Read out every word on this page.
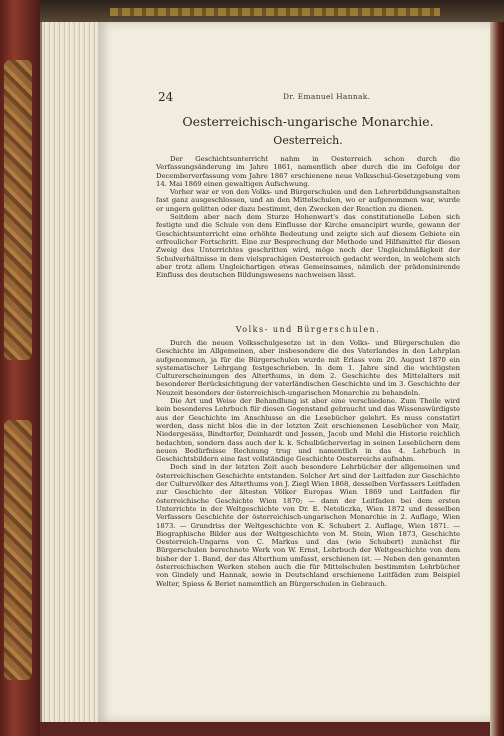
24	Dr. Emanuel Hannak.
Oesterreichisch-ungarische Monarchie.
Oesterreich.

Der Geschichtsunterricht nahm in Oesterreich schon durch die Verfassungsänderung im Jahre 1861, namentlich aber durch die im Gefolge der Decemberverfassung vom Jahre 1867 erschienene neue Volksschul-Gesetzgebung vom 14. Mai 1869 einen gewaltigen Aufschwung.

Vorher war er von den Volks- und Bürgerschulen und den Lehrerbildungsanstalten fast ganz ausgeschlossen, und an den Mittelschulen, wo er aufgenommen war, wurde er ungern gelitten oder dazu bestimmt, den Zwecken der Reaction zu dienen.

Seitdem aber nach dem Sturze Hohenwart's das constitutionelle Leben sich festigte und die Schule von dem Einflusse der Kirche emancipirt wurde, gewann der Geschichtsunterricht eine erhöhte Bedeutung und zeigte sich auf diesem Gebiete ein erfreulicher Fortschritt. Eine zur Besprechung der Methode und Hilfsmittel für diesen Zweig des Unterrichtes geschritten wird, möge noch der Ungleichmäßigkeit der Schulverhältnisse in dem vielsprachigen Oesterreich gedacht werden, in welchem sich aber trotz allem Ungleichartigen etwas Gemeinsames, nämlich der prädominirende Einfluss des deutschen Bildungswesens nachweisen lässt.

Volks- und Bürgerschulen.

Durch die neuen Volksschulgesetze ist in den Volks- und Bürgerschulen die Geschichte im Allgemeinen, aber insbesondere die des Vaterlandes in den Lehrplan aufgenommen, ja für die Bürgerschulen wurde mit Erlass vom 20. August 1870 ein systematischer Lehrgang festgeschrieben. In dem 1. Jahre sind die wichtigsten Culturerscheinungen des Alterthums, in dem 2. Geschichte des Mittelalters mit besonderer Berücksichtigung der vaterländischen Geschichte und im 3. Geschichte der Neuzeit besonders der österreichisch-ungarischen Monarchie zu behandeln.

Die Art und Weise der Behandlung ist aber eine verschiedene. Zum Theile wird kein besonderes Lehrbuch für diesen Gegenstand gebraucht und das Wissenswürdigste aus der Geschichte im Anschlusse an die Lesebücher gelehrt. Es muss constatirt werden, dass nicht blos die in der letzten Zeit erschienenen Lesebücher von Mair, Niedergesäss, Bindtorfer, Deinhardt und Jessen, Jacob und Mehl die Historie reichlich bedachten, sondern dass auch der k. k. Schulbücherverlag in seinen Lesebüchern dem neuen Bedürfnisse Rechnung trug und namentlich in das 4. Lehrbuch in Geschichtsbildern eine fast vollständige Geschichte Oesterreichs aufnahm.

Doch sind in der letzten Zeit auch besondere Lehrbücher der allgemeinen und österreichischen Geschichte entstanden. Solcher Art sind der Leitfaden zur Geschichte der Culturvölker des Alterthums von J. Ziegl Wien 1868, desselben Verfassers Leitfaden zur Geschichte der ältesten Völker Europas Wien 1869 und Leitfaden für österreichische Geschichte Wien 1870; — dann der Leitfaden bei dem ersten Unterrichte in der Weltgeschichte von Dr. E. Netoliczka, Wien 1872 und desselben Verfassers Geschichte der österreichisch-ungarischen Monarchie in 2. Auflage, Wien 1873. — Grundriss der Weltgeschichte von K. Schubert 2. Auflage, Wien 1871. — Biographische Bilder aus der Weltgeschichte von M. Stein, Wien 1873, Geschichte Oesterreich-Ungarns von C. Markus und das (wie Schubert) zunächst für Bürgerschulen berechnete Werk von W. Ernst, Lehrbuch der Weltgeschichte von dem bisher der 1. Band, der das Alterthum umfasst, erschienen ist. — Neben den genannten österreichischen Werken stehen auch die für Mittelschulen bestimmten Lehrbücher von Gindely und Hannak, sowie in Deutschland erschienene Leitfäden zum Beispiel Welter, Spiess & Beriet namentlich an Bürgerschulen in Gebrauch.
